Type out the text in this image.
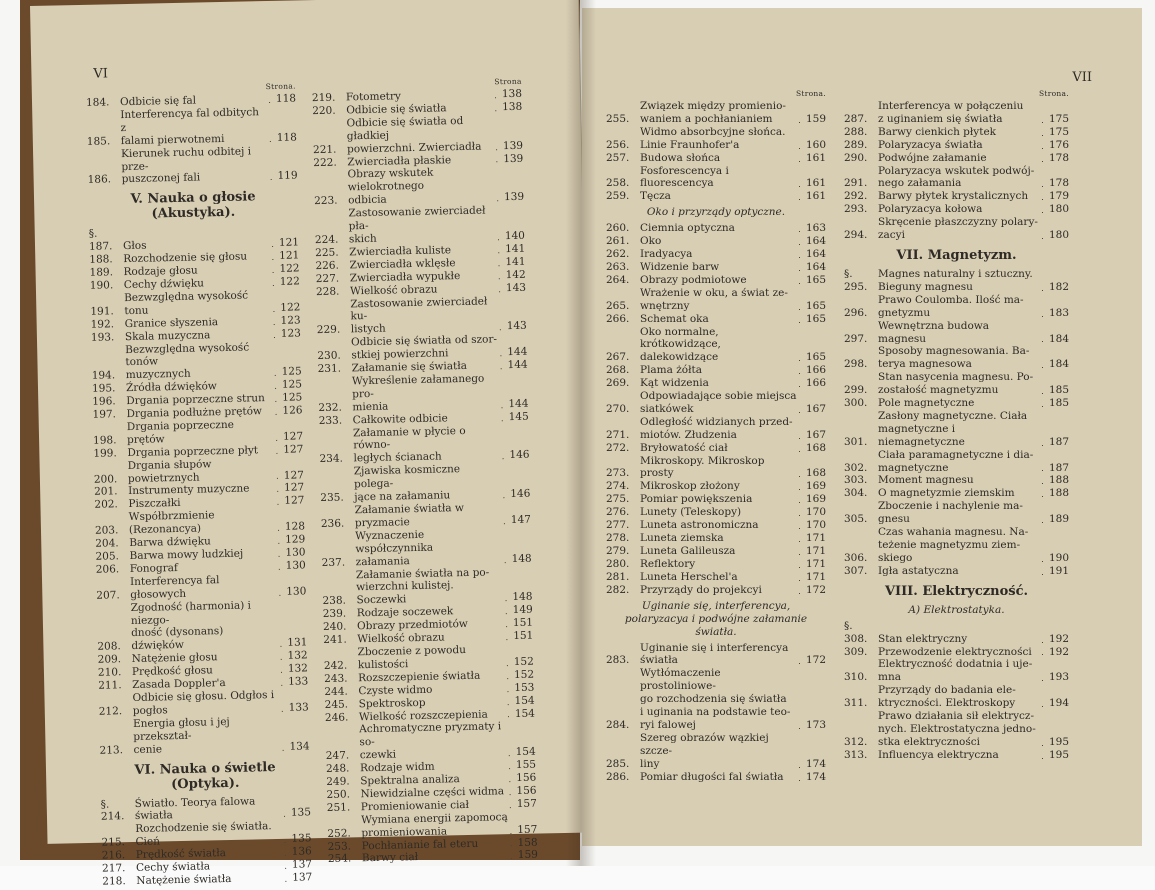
VI
Strona.
184. Odbicie się fal	118
185.
Interferencya fal odbitych z
falami pierwotnemi	118
186.
Kierunek ruchu odbitej i prze-
puszczonej fali	119
V. Nauka o głosie
(Akustyka).
§. 187. Głos	121
188. Rozchodzenie się głosu	121
189. Rodzaje głosu	122
190. Cechy dźwięku	122
191.
Bezwzględna wysokość tonu	122
192. Granice słyszenia	123
193. Skala muzyczna	123
194.
Bezwzględna wysokość tonów
muzycznych	125
195. Źródła dźwięków	125
196. Drgania poprzeczne strun	125
197. Drgania podłużne prętów	126
198.
Drgania poprzeczne prętów	127
199. Drgania poprzeczne płyt	127
200.
Drgania słupów powietrznych	127
201. Instrumenty muzyczne	127
202. Piszczałki	127
203.
Współbrzmienie (Rezonancya)	128
204. Barwa dźwięku	129
205. Barwa mowy ludzkiej	130
206. Fonograf	130
207.
Interferencya fal głosowych	130
208.
Zgodność (harmonia) i niezgo-
dność (dysonans) dźwięków	131
209. Natężenie głosu	132
210. Prędkość głosu	132
211. Zasada Doppler'a	133
212.
Odbicie się głosu. Odgłos i
pogłos	133
213.
Energia głosu i jej przekształ-
cenie	134
VI. Nauka o świetle
(Optyka).
§. 214.
Światło. Teorya falowa
światła	135
215.
Rozchodzenie się światła. Cień	135
216. Prędkość światła	136
217. Cechy światła	137
218. Natężenie światła	137
Strona
219. Fotometry	138
220. Odbicie się światła	138
221.
Odbicie się światła od gładkiej
powierzchni. Zwierciadła	139
222. Zwierciadła płaskie	139
223.
Obrazy wskutek wielokrotnego
odbicia	139
224.
Zastosowanie zwierciadeł pła-
skich	140
225. Zwierciadła kuliste	141
226. Zwierciadła wklęsłe	141
227. Zwierciadła wypukłe	142
228. Wielkość obrazu	143
229.
Zastosowanie zwierciadeł ku-
listych	143
230.
Odbicie się światła od szor-
stkiej powierzchni	144
231. Załamanie się światła	144
232.
Wykreślenie załamanego pro-
mienia	144
233. Całkowite odbicie	145
234.
Załamanie w płycie o równo-
ległych ścianach	146
235.
Zjawiska kosmiczne polega-
jące na załamaniu	146
236.
Załamanie światła w pryzmacie	147
237.
Wyznaczenie współczynnika
załamania	148
238.
Załamanie światła na po-
wierzchni kulistej. Soczewki	148
239. Rodzaje soczewek	149
240. Obrazy przedmiotów	151
241. Wielkość obrazu	151
242.
Zboczenie z powodu kulistości	152
243. Rozszczepienie światła	152
244. Czyste widmo	153
245. Spektroskop	154
246. Wielkość rozszczepienia	154
247.
Achromatyczne pryzmaty i so-
czewki	154
248. Rodzaje widm	155
249. Spektralna analiza	156
250. Niewidzialne części widma	156
251. Promieniowanie ciał	157
252.
Wymiana energii zapomocą
promieniowania	157
253. Pochłanianie fal eteru	158
254. Barwy ciał	159
VII
Strona.
255.
Związek między promienio-
waniem a pochłanianiem	159
256.
Widmo absorbcyjne słońca.
Linie Fraunhofer'a	160
257.	Budowa słońca	161
258.
Fosforescencya i fluorescencya	161
259.	Tęcza	161
Oko i przyrządy optyczne.
260.	Ciemnia optyczna	163
261.	Oko	164
262.	Iradyacya	164
263.	Widzenie barw	164
264.	Obrazy podmiotowe	165
265.
Wrażenie w oku, a świat ze-
wnętrzny	165
266.	Schemat oka	165
267.
Oko normalne, krótkowidzące,
dalekowidzące	165
268.	Plama żółta	166
269.	Kąt widzenia	166
270.
Odpowiadające sobie miejsca
siatkówek	167
271.
Odległość widzianych przed-
miotów. Złudzenia	167
272.	Bryłowatość ciał	168
273.
Mikroskopy. Mikroskop prosty	168
274.	Mikroskop złożony	169
275.	Pomiar powiększenia	169
276.	Lunety (Teleskopy)	170
277.	Luneta astronomiczna	170
278.	Luneta ziemska	171
279.	Luneta Galileusza	171
280.	Reflektory	171
281.	Luneta Herschel'a	171
282.	Przyrządy do projekcyi	172
Uginanie się, interferencya,
polaryzacya i podwójne załamanie
światła.
283.
Uginanie się i interferencya
światła	172
284.
Wytłómaczenie prostoliniowe-
go rozchodzenia się światła
i uginania na podstawie teo-
ryi falowej	173
285.
Szereg obrazów wązkiej szcze-
liny	174
286.	Pomiar długości fal światła	174
Strona.
287.
Interferencya w połączeniu
z uginaniem się światła	175
288.	Barwy cienkich płytek	175
289.	Polaryzacya światła	176
290.	Podwójne załamanie	178
291.
Polaryzacya wskutek podwój-
nego załamania	178
292.	Barwy płytek krystalicznych	179
293.	Polaryzacya kołowa	180
294.
Skręcenie płaszczyzny polary-
zacyi	180
VII. Magnetyzm.
§. 295.
Magnes naturalny i sztuczny.
Bieguny magnesu	182
296.
Prawo Coulomba. Ilość ma-
gnetyzmu	183
297.
Wewnętrzna budowa magnesu	184
298.
Sposoby magnesowania. Ba-
terya magnesowa	184
299.
Stan nasycenia magnesu. Po-
zostałość magnetyzmu	185
300.	Pole magnetyczne	185
301.
Zasłony magnetyczne. Ciała
magnetyczne i niemagnetyczne	187
302.
Ciała paramagnetyczne i dia-
magnetyczne	187
303.	Moment magnesu	188
304.	O magnetyzmie ziemskim	188
305.
Zboczenie i nachylenie ma-
gnesu	189
306.
Czas wahania magnesu. Na-
teżenie magnetyzmu ziem-
skiego	190
307.	Igła astatyczna	191
VIII. Elektryczność.
A) Elektrostatyka.
§. 308.	Stan elektryczny	192
309.	Przewodzenie elektryczności	192
310.
Elektryczność dodatnia i uje-
mna	193
311.
Przyrządy do badania ele-
ktryczności. Elektroskopy	194
312.
Prawo działania sił elektrycz-
nych. Elektrostatyczna jedno-
stka elektryczności	195
313.	Influencya elektryczna	195
